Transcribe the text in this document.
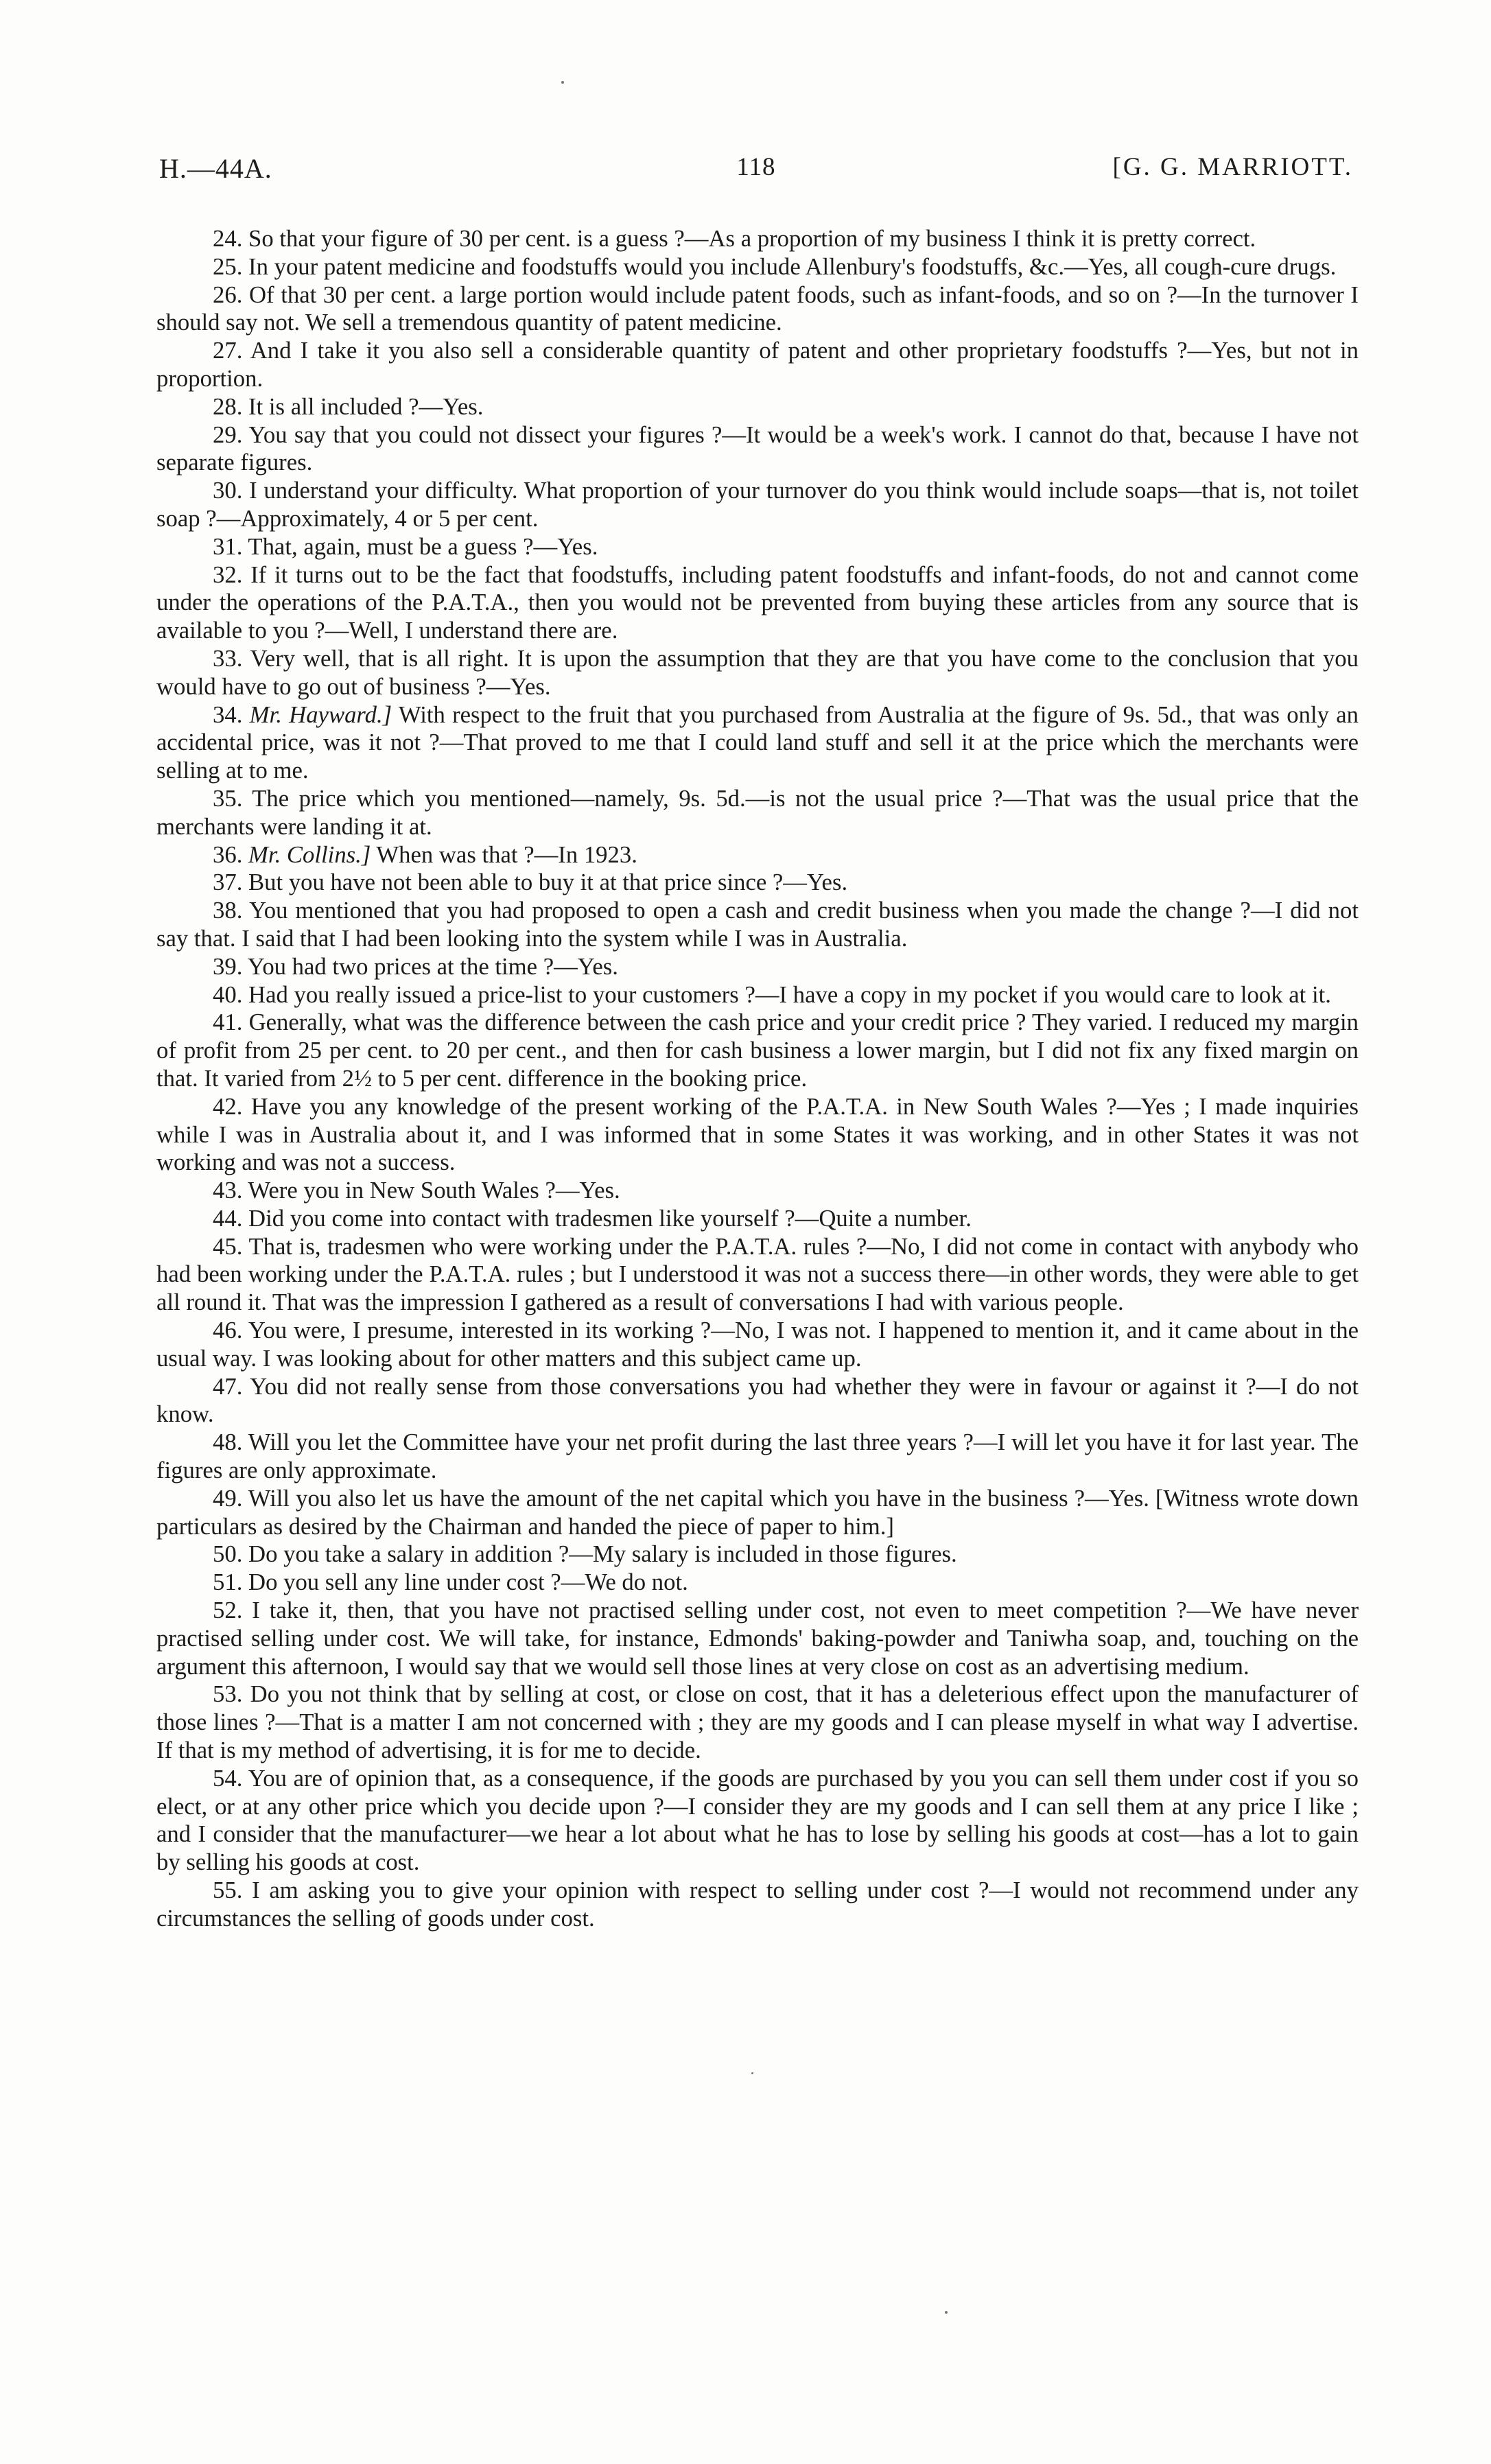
H.—44A.	118	[G. G. MARRIOTT.

24. So that your figure of 30 per cent. is a guess ?—As a proportion of my business I think it is pretty correct.

25. In your patent medicine and foodstuffs would you include Allenbury's foodstuffs, &c.—Yes, all cough-cure drugs.

26. Of that 30 per cent. a large portion would include patent foods, such as infant-foods, and so on ?—In the turnover I should say not. We sell a tremendous quantity of patent medicine.

27. And I take it you also sell a considerable quantity of patent and other proprietary foodstuffs ?—Yes, but not in proportion.

28. It is all included ?—Yes.

29. You say that you could not dissect your figures ?—It would be a week's work. I cannot do that, because I have not separate figures.

30. I understand your difficulty. What proportion of your turnover do you think would include soaps—that is, not toilet soap ?—Approximately, 4 or 5 per cent.

31. That, again, must be a guess ?—Yes.

32. If it turns out to be the fact that foodstuffs, including patent foodstuffs and infant-foods, do not and cannot come under the operations of the P.A.T.A., then you would not be prevented from buying these articles from any source that is available to you ?—Well, I understand there are.

33. Very well, that is all right. It is upon the assumption that they are that you have come to the conclusion that you would have to go out of business ?—Yes.

34. Mr. Hayward.] With respect to the fruit that you purchased from Australia at the figure of 9s. 5d., that was only an accidental price, was it not ?—That proved to me that I could land stuff and sell it at the price which the merchants were selling at to me.

35. The price which you mentioned—namely, 9s. 5d.—is not the usual price ?—That was the usual price that the merchants were landing it at.

36. Mr. Collins.] When was that ?—In 1923.

37. But you have not been able to buy it at that price since ?—Yes.

38. You mentioned that you had proposed to open a cash and credit business when you made the change ?—I did not say that. I said that I had been looking into the system while I was in Australia.

39. You had two prices at the time ?—Yes.

40. Had you really issued a price-list to your customers ?—I have a copy in my pocket if you would care to look at it.

41. Generally, what was the difference between the cash price and your credit price ? They varied. I reduced my margin of profit from 25 per cent. to 20 per cent., and then for cash business a lower margin, but I did not fix any fixed margin on that. It varied from 2½ to 5 per cent. difference in the booking price.

42. Have you any knowledge of the present working of the P.A.T.A. in New South Wales ?—Yes ; I made inquiries while I was in Australia about it, and I was informed that in some States it was working, and in other States it was not working and was not a success.

43. Were you in New South Wales ?—Yes.

44. Did you come into contact with tradesmen like yourself ?—Quite a number.

45. That is, tradesmen who were working under the P.A.T.A. rules ?—No, I did not come in contact with anybody who had been working under the P.A.T.A. rules ; but I understood it was not a success there—in other words, they were able to get all round it. That was the impression I gathered as a result of conversations I had with various people.

46. You were, I presume, interested in its working ?—No, I was not. I happened to mention it, and it came about in the usual way. I was looking about for other matters and this subject came up.

47. You did not really sense from those conversations you had whether they were in favour or against it ?—I do not know.

48. Will you let the Committee have your net profit during the last three years ?—I will let you have it for last year. The figures are only approximate.

49. Will you also let us have the amount of the net capital which you have in the business ?—Yes. [Witness wrote down particulars as desired by the Chairman and handed the piece of paper to him.]

50. Do you take a salary in addition ?—My salary is included in those figures.

51. Do you sell any line under cost ?—We do not.

52. I take it, then, that you have not practised selling under cost, not even to meet competition ?—We have never practised selling under cost. We will take, for instance, Edmonds' baking-powder and Taniwha soap, and, touching on the argument this afternoon, I would say that we would sell those lines at very close on cost as an advertising medium.

53. Do you not think that by selling at cost, or close on cost, that it has a deleterious effect upon the manufacturer of those lines ?—That is a matter I am not concerned with ; they are my goods and I can please myself in what way I advertise. If that is my method of advertising, it is for me to decide.

54. You are of opinion that, as a consequence, if the goods are purchased by you you can sell them under cost if you so elect, or at any other price which you decide upon ?—I consider they are my goods and I can sell them at any price I like ; and I consider that the manufacturer—we hear a lot about what he has to lose by selling his goods at cost—has a lot to gain by selling his goods at cost.

55. I am asking you to give your opinion with respect to selling under cost ?—I would not recommend under any circumstances the selling of goods under cost.
